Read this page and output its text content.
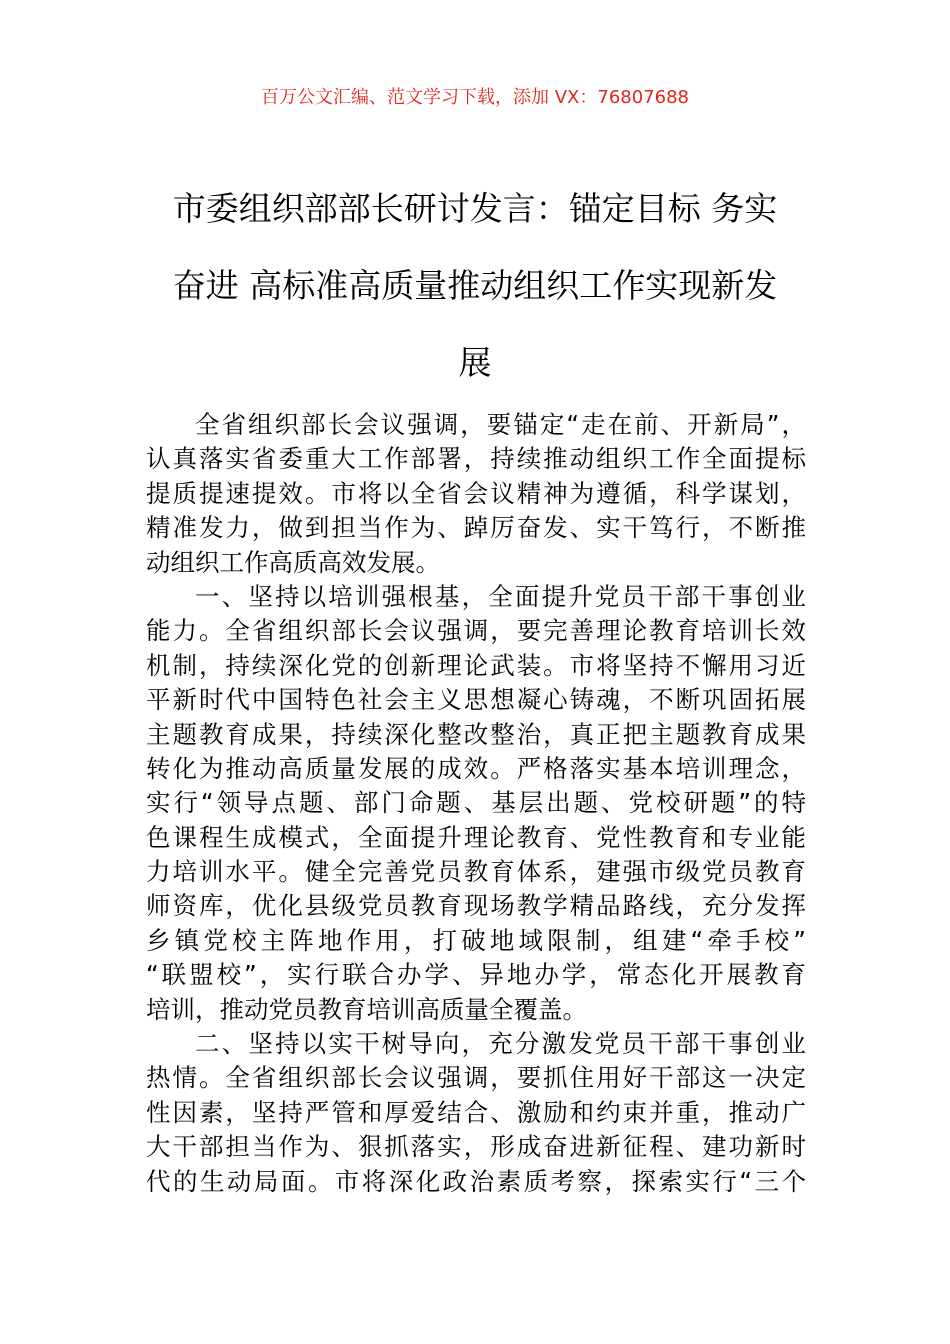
百万公文汇编、范文学习下载，添加 VX：76807688
市委组织部部长研讨发言：锚定目标 务实
奋进 高标准高质量推动组织工作实现新发
展
全省组织部长会议强调，要锚定“走在前、开新局”，
认真落实省委重大工作部署，持续推动组织工作全面提标
提质提速提效。市将以全省会议精神为遵循，科学谋划，
精准发力，做到担当作为、踔厉奋发、实干笃行，不断推
动组织工作高质高效发展。
一、坚持以培训强根基，全面提升党员干部干事创业
能力。全省组织部长会议强调，要完善理论教育培训长效
机制，持续深化党的创新理论武装。市将坚持不懈用习近
平新时代中国特色社会主义思想凝心铸魂，不断巩固拓展
主题教育成果，持续深化整改整治，真正把主题教育成果
转化为推动高质量发展的成效。严格落实基本培训理念，
实行“领导点题、部门命题、基层出题、党校研题”的特
色课程生成模式，全面提升理论教育、党性教育和专业能
力培训水平。健全完善党员教育体系，建强市级党员教育
师资库，优化县级党员教育现场教学精品路线，充分发挥
乡镇党校主阵地作用，打破地域限制，组建“牵手校”
“联盟校”，实行联合办学、异地办学，常态化开展教育
培训，推动党员教育培训高质量全覆盖。
二、坚持以实干树导向，充分激发党员干部干事创业
热情。全省组织部长会议强调，要抓住用好干部这一决定
性因素，坚持严管和厚爱结合、激励和约束并重，推动广
大干部担当作为、狠抓落实，形成奋进新征程、建功新时
代的生动局面。市将深化政治素质考察，探索实行“三个
